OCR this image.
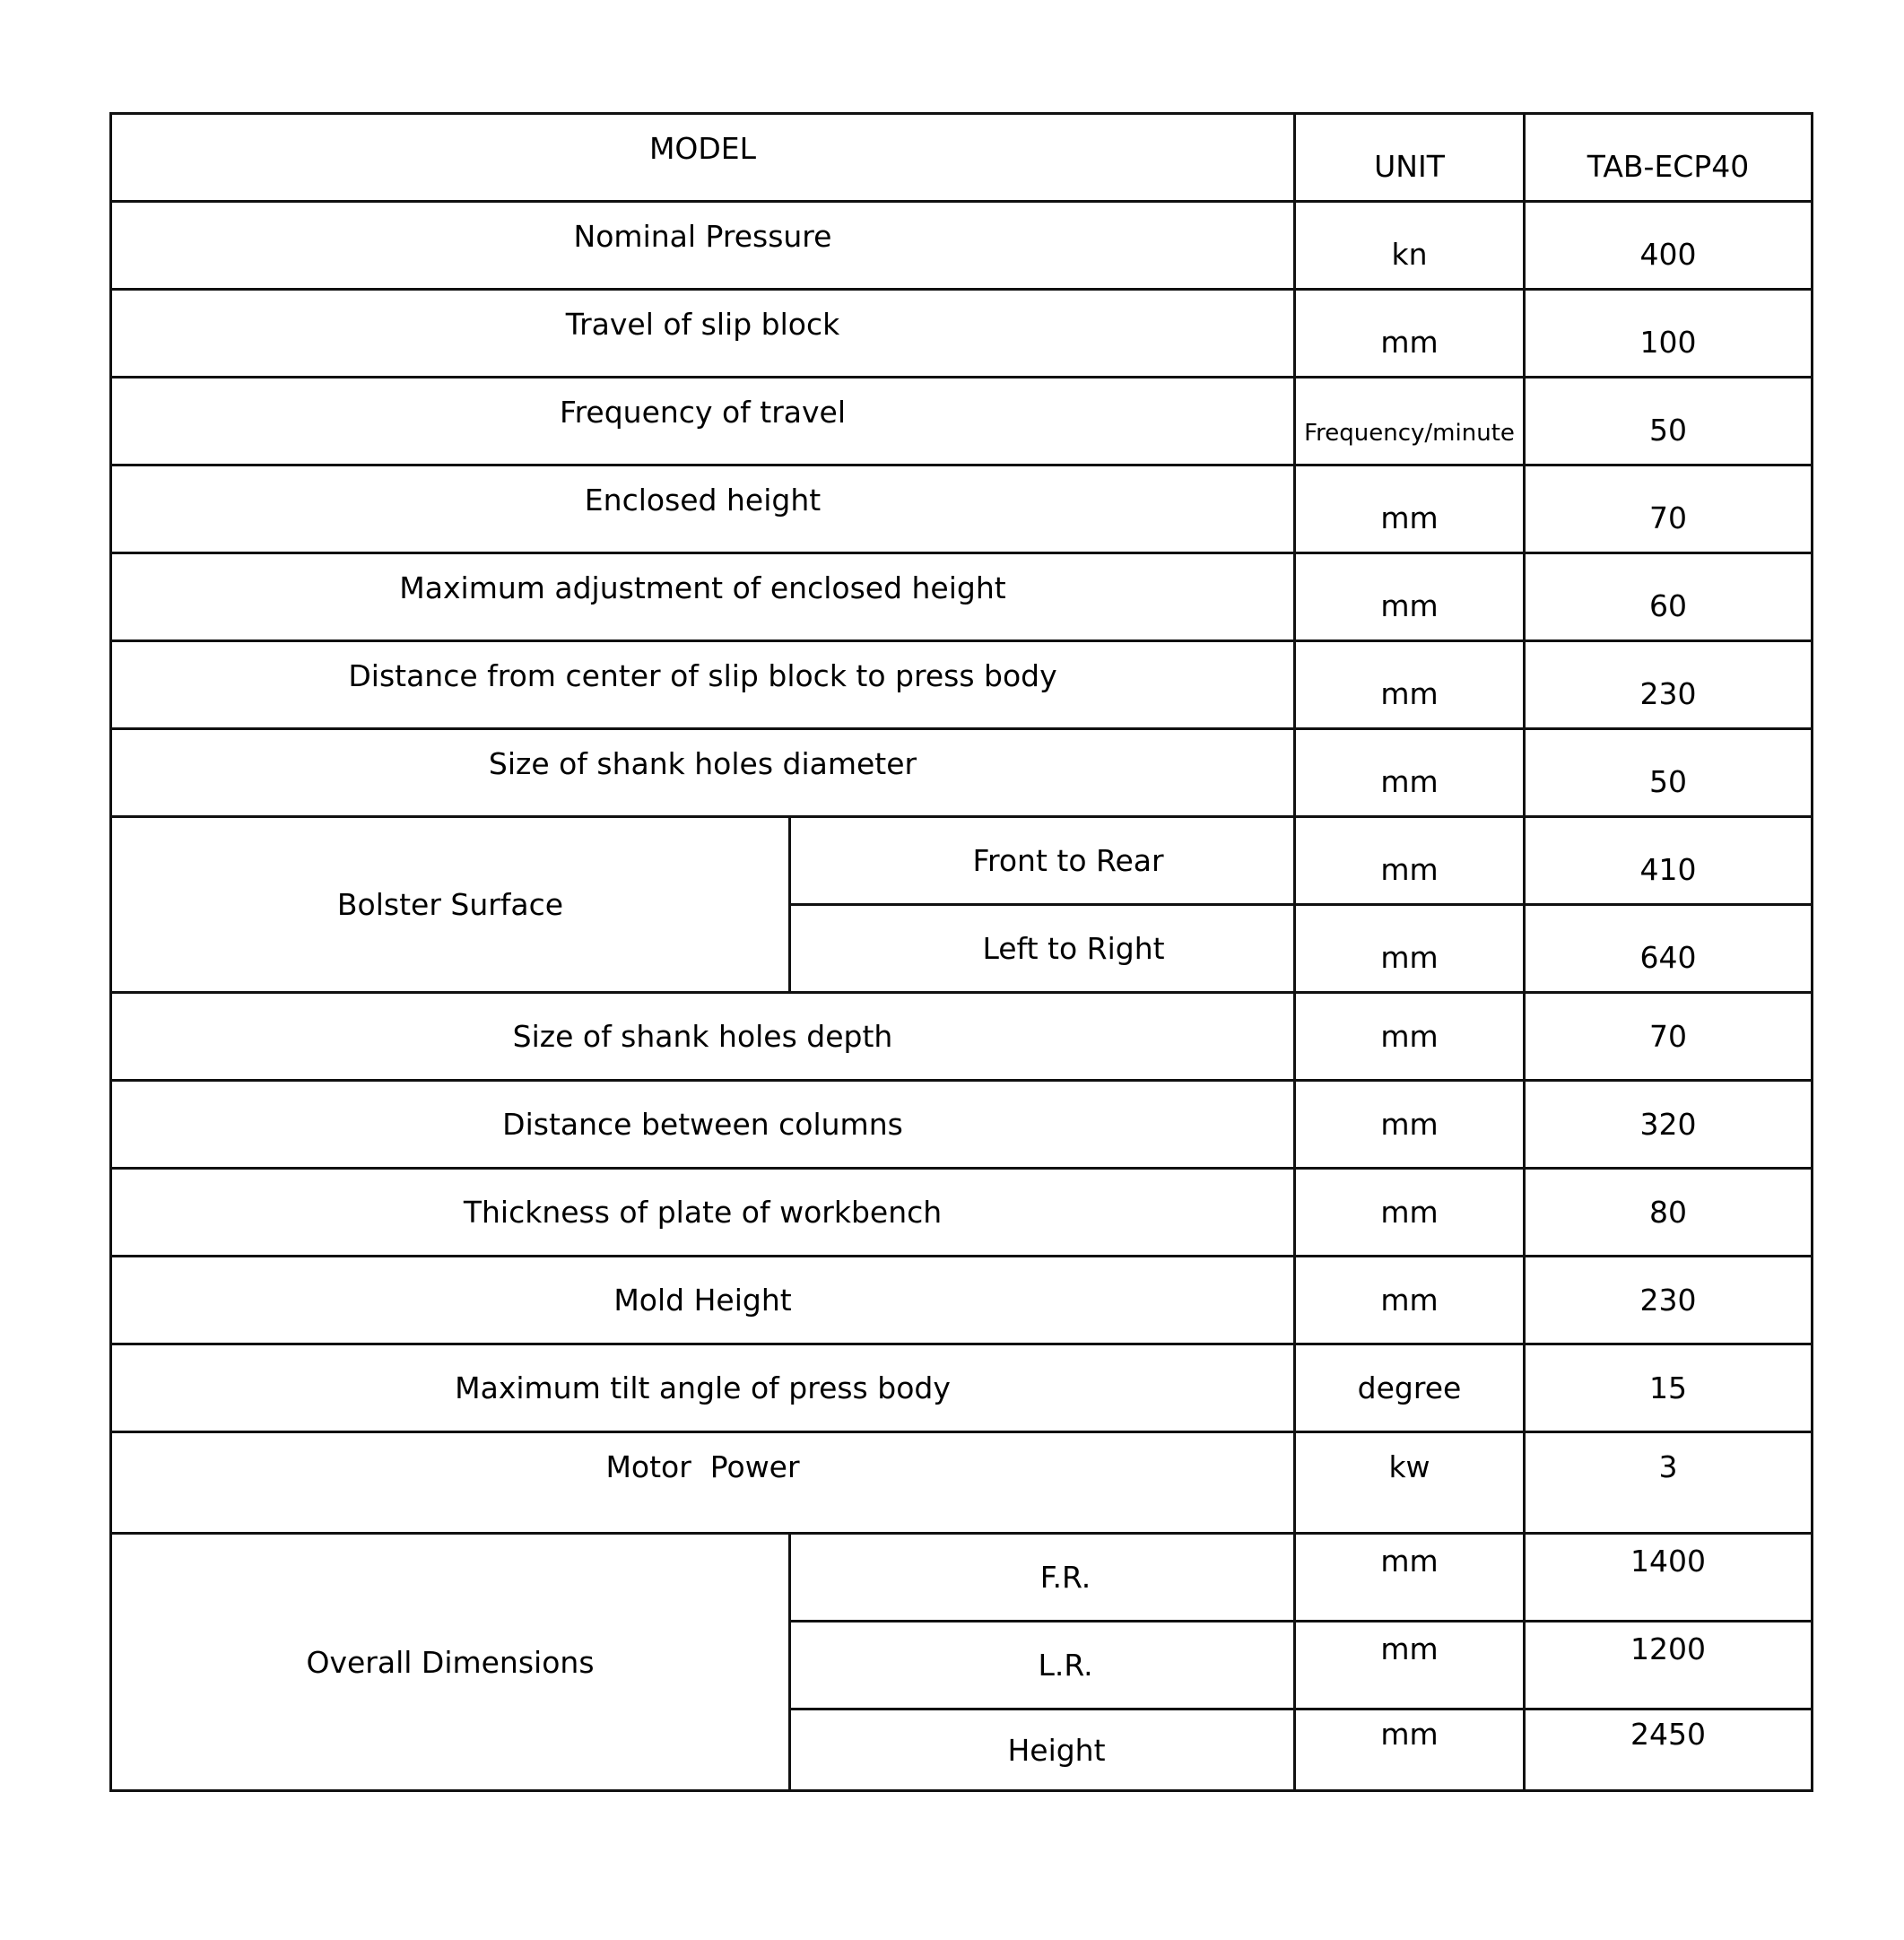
MODEL		UNIT	TAB-ECP40
Nominal Pressure		kn	400
Travel of slip block		mm	100
Frequency of travel		Frequency/minute	50
Enclosed height		mm	70
Maximum adjustment of enclosed height		mm	60
Distance from center of slip block to press body		mm	230
Size of shank holes diameter		mm	50
Bolster Surface	Front to Rear	mm	410
	Left to Right	mm	640
Size of shank holes depth		mm	70
Distance between columns		mm	320
Thickness of plate of workbench		mm	80
Mold Height		mm	230
Maximum tilt angle of press body		degree	15
Motor  Power		kw	3
Overall Dimensions	F.R.	mm	1400
	L.R.	mm	1200
	Height	mm	2450
